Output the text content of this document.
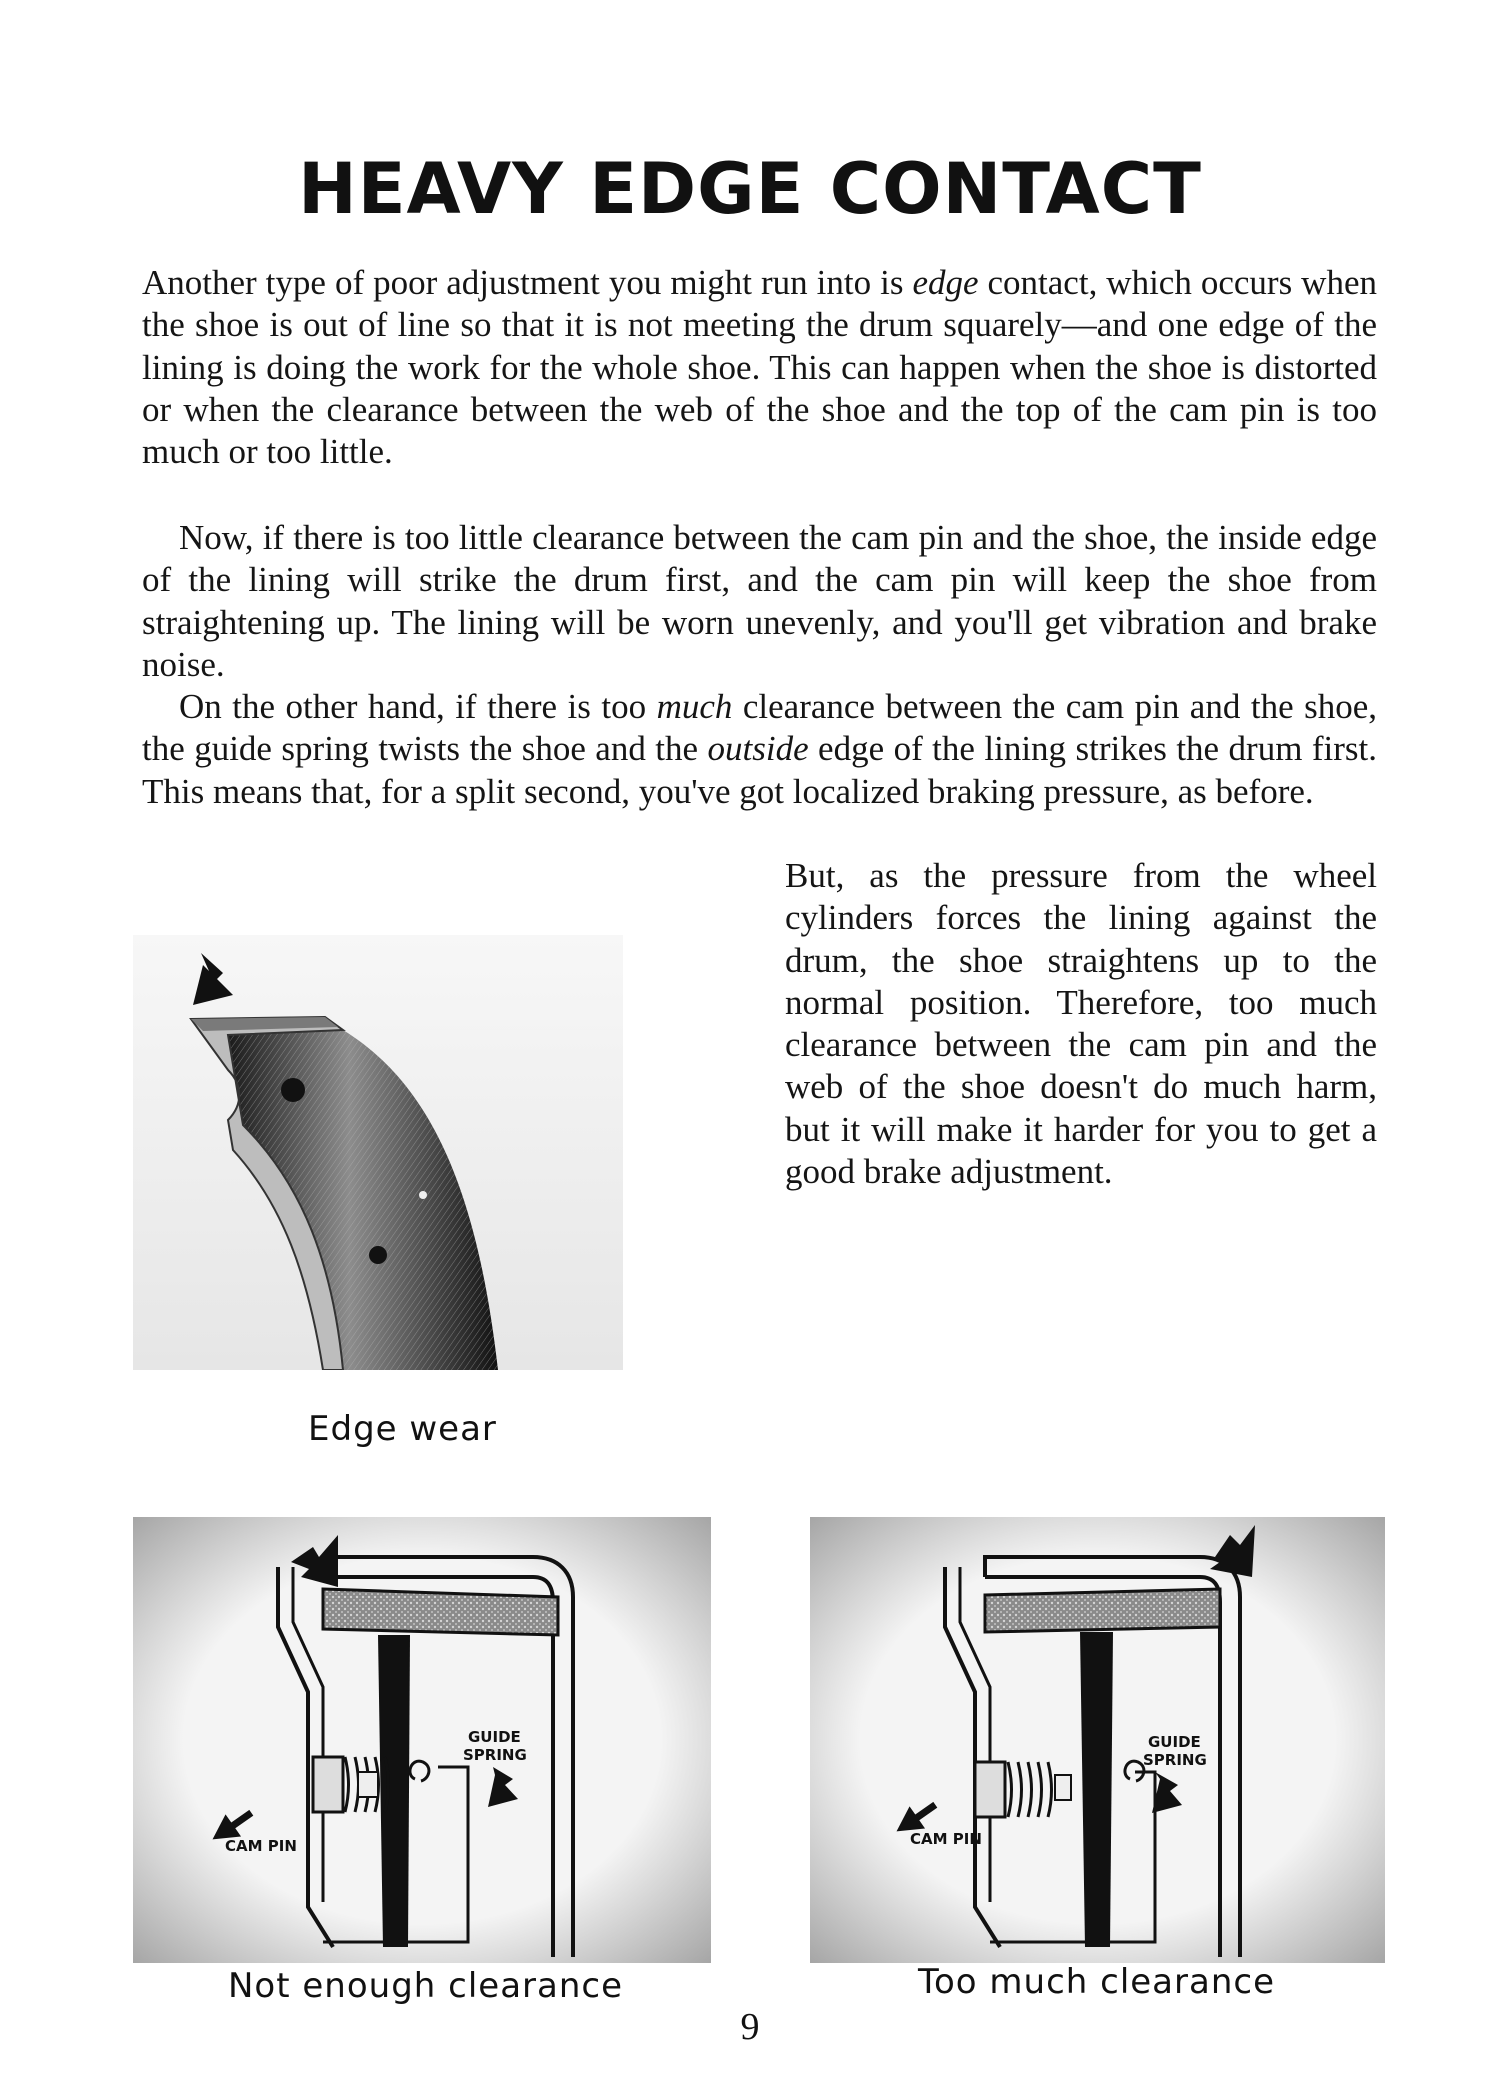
HEAVY EDGE CONTACT

Another type of poor adjustment you might run into is edge contact, which occurs when the shoe is out of line so that it is not meeting the drum squarely—and one edge of the lining is doing the work for the whole shoe. This can happen when the shoe is distorted or when the clearance between the web of the shoe and the top of the cam pin is too much or too little.

Now, if there is too little clearance between the cam pin and the shoe, the inside edge of the lining will strike the drum first, and the cam pin will keep the shoe from straightening up. The lining will be worn unevenly, and you'll get vibration and brake noise.

On the other hand, if there is too much clearance between the cam pin and the shoe, the guide spring twists the shoe and the outside edge of the lining strikes the drum first. This means that, for a split second, you've got localized braking pressure, as before.

But, as the pressure from the wheel cylinders forces the lining against the drum, the shoe straightens up to the normal position. Therefore, too much clearance between the cam pin and the web of the shoe doesn't do much harm, but it will make it harder for you to get a good brake adjustment.

Edge wear
GUIDE
SPRING
CAM PIN
Not enough clearance
GUIDE
SPRING
CAM PIN
Too much clearance
9
